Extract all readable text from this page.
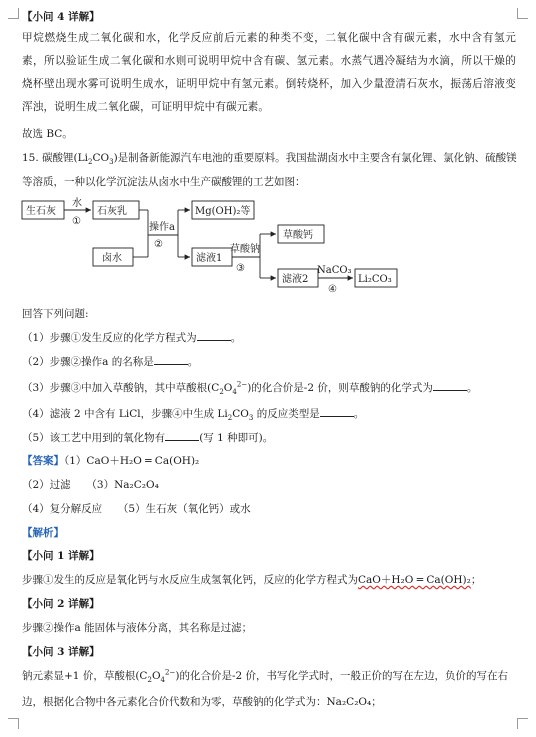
【小问 4 详解】
甲烷燃烧生成二氧化碳和水，化学反应前后元素的种类不变，二氧化碳中含有碳元素，水中含有氢元素，所以验证生成二氧化碳和水则可说明甲烷中含有碳、氢元素。水蒸气遇冷凝结为水滴，所以干燥的烧杯壁出现水雾可说明生成水，证明甲烷中有氢元素。倒转烧杯，加入少量澄清石灰水，振荡后溶液变浑浊，说明生成二氧化碳，可证明甲烷中有碳元素。
故选 BC。
15. 碳酸锂$(Li_2CO_3)$是制备新能源汽车电池的重要原料。我国盐湖卤水中主要含有氯化锂、氯化钠、硫酸镁
等溶质，一种以化学沉淀法从卤水中生产碳酸锂的工艺如图：
生石灰
水
①
石灰乳
操作a
②
Mg(OH)₂等
卤水	滤液1
草酸钠
③
草酸钙
滤液2
NaCO₃
④
Li₂CO₃
回答下列问题:
（1）步骤①发生反应的化学方程式为	。
（2）步骤②操作a 的名称是	。
（3）步骤③中加入草酸钠，其中草酸根$(C_2O_4^{2-})$的化合价是-2 价，则草酸钠的化学式为	。
（4）滤液 2 中含有 LiCl，步骤④中生成 $Li_2CO_3$ 的反应类型是	。
（5）该工艺中用到的氧化物有	(写 1 种即可)。
【答案】（1）CaO＋H₂O ═ Ca(OH)₂
（2）过滤　　（3）Na₂C₂O₄
（4）复分解反应　　（5）生石灰（氧化钙）或水
【解析】
【小问 1 详解】
步骤①发生的反应是氧化钙与水反应生成氢氧化钙，反应的化学方程式为CaO＋H₂O ═ Ca(OH)₂；
【小问 2 详解】
步骤②操作a 能固体与液体分离，其名称是过滤；
【小问 3 详解】
钠元素显+1 价，草酸根$(C_2O_4^{2-})$的化合价是-2 价，书写化学式时，一般正价的写在左边，负价的写在右
边，根据化合物中各元素化合价代数和为零，草酸钠的化学式为：Na₂C₂O₄；
